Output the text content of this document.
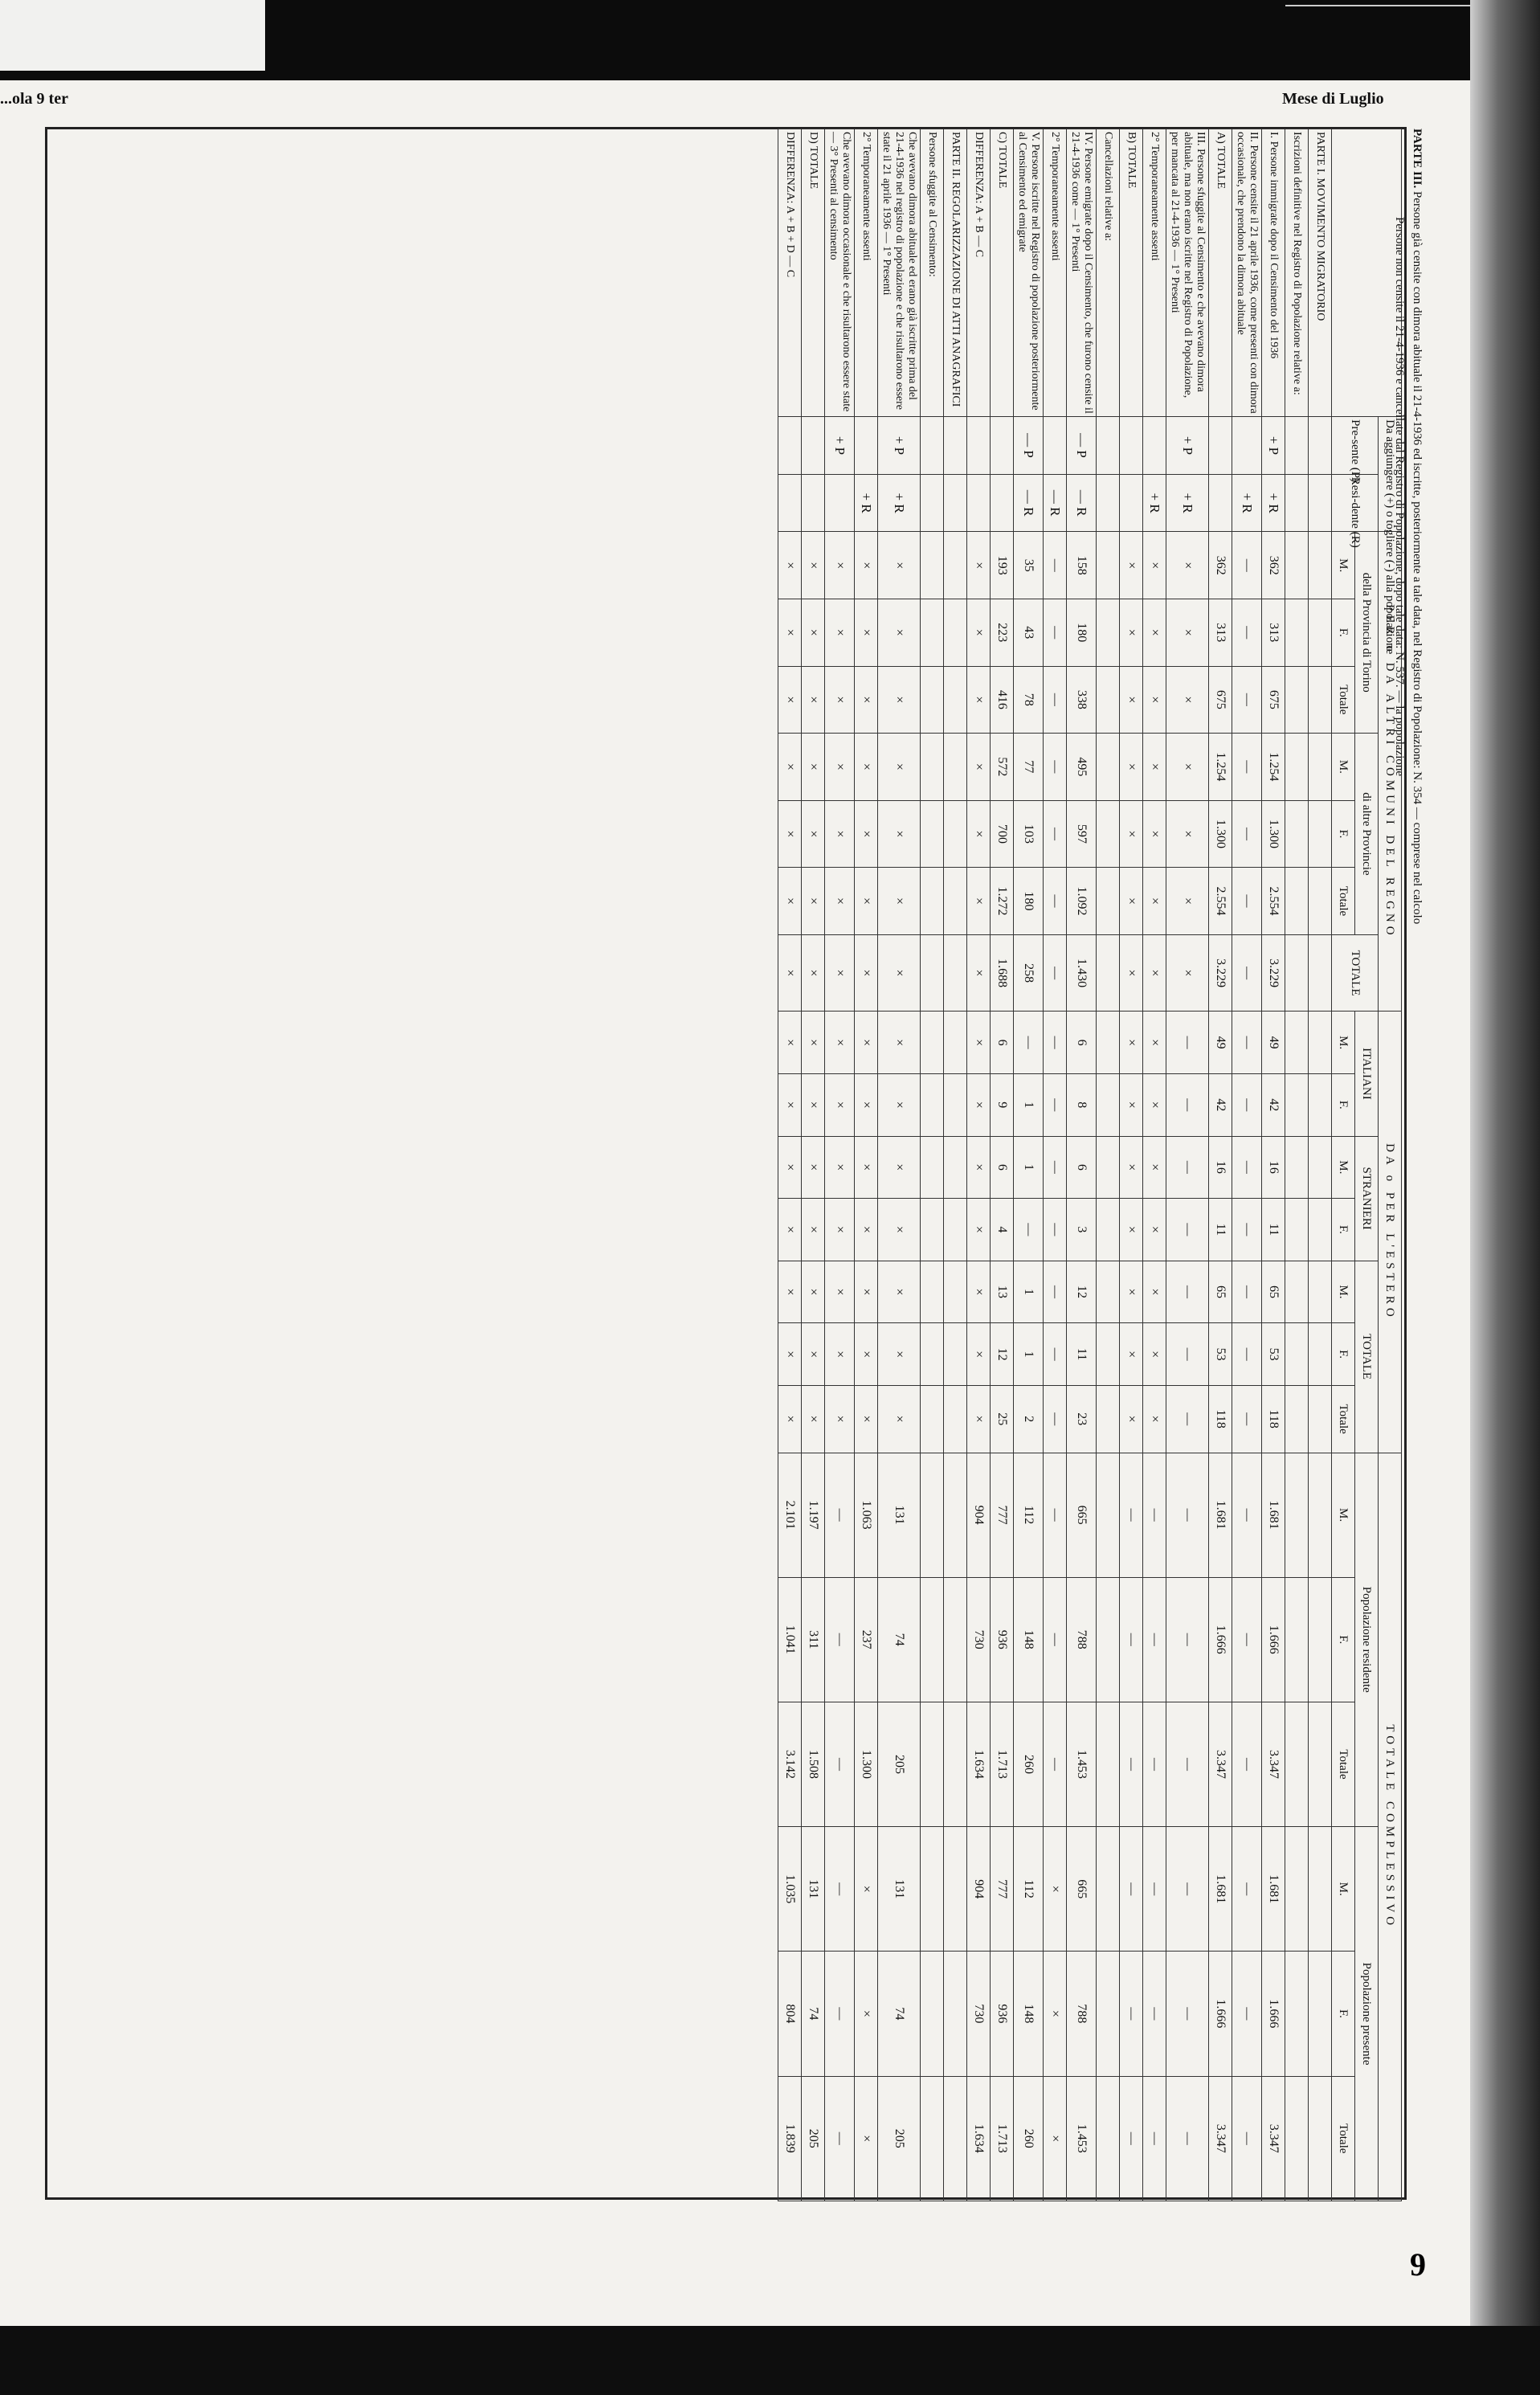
...ola 9 ter	Mese di Luglio
	Da aggiungere (+) o togliere (-) alla popolazione		PER o DA ALTRI COMUNI DEL REGNO							DA o PER L'ESTERO							TOTALE COMPLESSIVO					
	Pre-sente (P)	Resi-dente (R)	della Provincia di Torino			di altre Provincie			TOTALE	ITALIANI		STRANIERI		TOTALE			Popolazione residente			Popolazione presente		
			M.	F.	Totale	M.	F.	Totale		M.	F.	M.	F.	M.	F.	Totale	M.	F.	Totale	M.	F.	Totale
PARTE I. MOVIMENTO MIGRATORIO																						
Iscrizioni definitive nel Registro di Popolazione relative a:																						
I. Persone immigrate dopo il Censimento del 1936	+ P	+ R	362	313	675	1.254	1.300	2.554	3.229	49	42	16	11	65	53	118	1.681	1.666	3.347	1.681	1.666	3.347
II. Persone censite il 21 aprile 1936, come presenti con dimora occasionale, che prendono la dimora abituale		+ R	—	—	—	—	—	—	—	—	—	—	—	—	—	—	—	—	—	—	—	—
A) TOTALE			362	313	675	1.254	1.300	2.554	3.229	49	42	16	11	65	53	118	1.681	1.666	3.347	1.681	1.666	3.347
III. Persone sfuggite al Censimento e che avevano dimora abituale, ma non erano iscritte nel Registro di Popolazione, per mancata al 21-4-1936 — 1° Presenti	+ P	+ R	×	×	×	×	×	×	×	—	—	—	—	—	—	—	—	—	—	—	—	—
2° Temporaneamente assenti		+ R	×	×	×	×	×	×	×	×	×	×	×	×	×	×	—	—	—	—	—	—
B) TOTALE			×	×	×	×	×	×	×	×	×	×	×	×	×	×	—	—	—	—	—	—
Cancellazioni relative a:																						
IV. Persone emigrate dopo il Censimento, che furono censite il 21-4-1936 come — 1° Presenti	— P	— R	158	180	338	495	597	1.092	1.430	6	8	6	3	12	11	23	665	788	1.453	665	788	1.453
2° Temporaneamente assenti		— R	—	—	—	—	—	—	—	—	—	—	—	—	—	—	—	—	—	×	×	×
V. Persone iscritte nel Registro di popolazione posteriormente al Censimento ed emigrate	— P	— R	35	43	78	77	103	180	258	—	1	1	—	1	1	2	112	148	260	112	148	260
C) TOTALE			193	223	416	572	700	1.272	1.688	6	9	6	4	13	12	25	777	936	1.713	777	936	1.713
DIFFERENZA: A + B — C			×	×	×	×	×	×	×	×	×	×	×	×	×	×	904	730	1.634	904	730	1.634
PARTE II. REGOLARIZZAZIONE DI ATTI ANAGRAFICI																						
Persone sfuggite al Censimento:																						
Che avevano dimora abituale ed erano già iscritte prima del 21-4-1936 nel registro di popolazione e che risultarono essere state il 21 aprile 1936 — 1° Presenti	+ P	+ R	×	×	×	×	×	×	×	×	×	×	×	×	×	×	131	74	205	131	74	205
2° Temporaneamente assenti		+ R	×	×	×	×	×	×	×	×	×	×	×	×	×	×	1.063	237	1.300	×	×	×
Che avevano dimora occasionale e che risultarono essere state — 3° Presenti al censimento	+ P		×	×	×	×	×	×	×	×	×	×	×	×	×	×	—	—	—	—	—	—
D) TOTALE			×	×	×	×	×	×	×	×	×	×	×	×	×	×	1.197	311	1.508	131	74	205
DIFFERENZA: A + B + D — C			×	×	×	×	×	×	×	×	×	×	×	×	×	×	2.101	1.041	3.142	1.035	804	1.839
PARTE III. Persone già censite con dimora abituale il 21-4-1936 ed iscritte, posteriormente a tale data, nel Registro di Popolazione: N. 354 — comprese nel calcolo
Persone non censite il 21-4-1936 e cancellate dal Registro di Popolazione, dopo tale data: N. 537. — la popolazione
9
